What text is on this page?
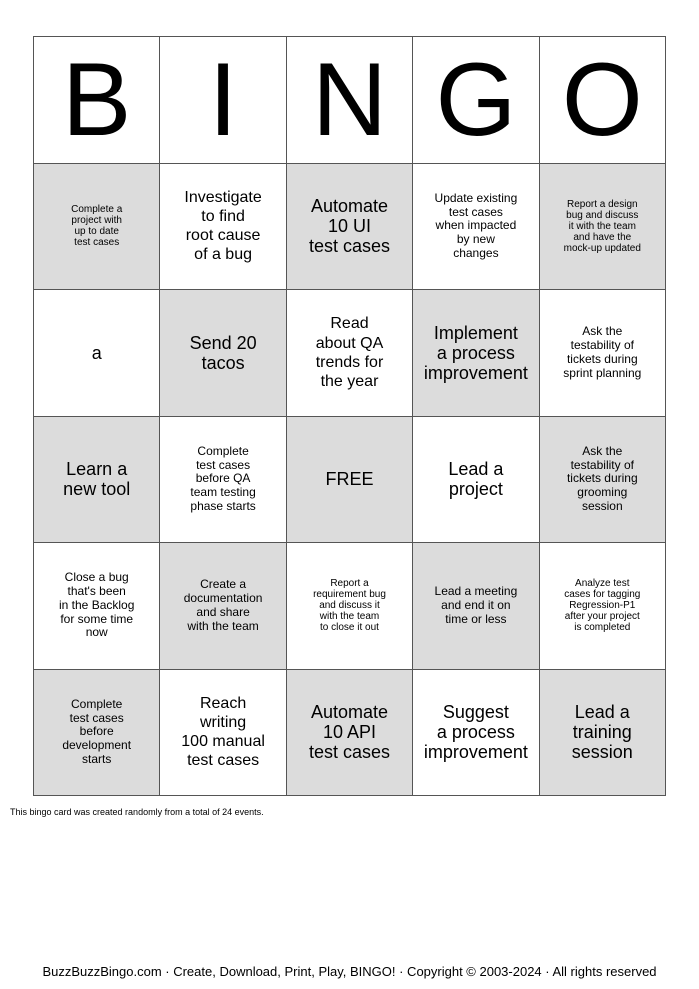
B I N G O
Complete a
project with
up to date
test cases
Investigate
to find
root cause
of a bug
Automate
10 UI
test cases
Update existing
test cases
when impacted
by new
changes
Report a design
bug and discuss
it with the team
and have the
mock-up updated
a
Send 20
tacos
Read
about QA
trends for
the year
Implement
a process
improvement
Ask the
testability of
tickets during
sprint planning
Learn a
new tool
Complete
test cases
before QA
team testing
phase starts
FREE
Lead a
project
Ask the
testability of
tickets during
grooming
session
Close a bug
that's been
in the Backlog
for some time
now
Create a
documentation
and share
with the team
Report a
requirement bug
and discuss it
with the team
to close it out
Lead a meeting
and end it on
time or less
Analyze test
cases for tagging
Regression-P1
after your project
is completed
Complete
test cases
before
development
starts
Reach
writing
100 manual
test cases
Automate
10 API
test cases
Suggest
a process
improvement
Lead a
training
session
This bingo card was created randomly from a total of 24 events.
BuzzBuzzBingo.com · Create, Download, Print, Play, BINGO! · Copyright © 2003-2024 · All rights reserved
